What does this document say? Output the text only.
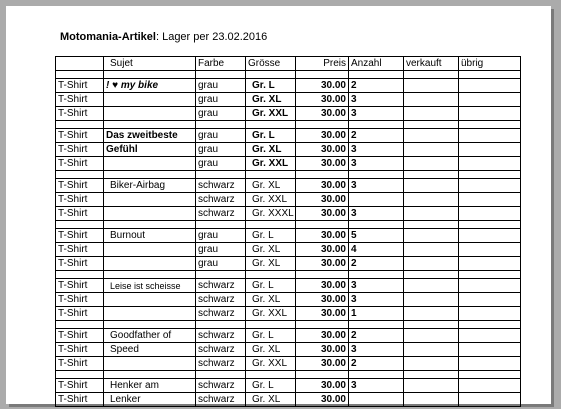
Motomania-Artikel: Lager per 23.02.2016
	Sujet	Farbe	Grösse	Preis	Anzahl	verkauft	übrig

T-Shirt	! ♥ my bike	grau	Gr. L	30.00	2		
T-Shirt		grau	Gr. XL	30.00	3		
T-Shirt		grau	Gr. XXL	30.00	3		

T-Shirt	Das zweitbeste	grau	Gr. L	30.00	2		
T-Shirt	Gefühl	grau	Gr. XL	30.00	3		
T-Shirt		grau	Gr. XXL	30.00	3		

T-Shirt	Biker-Airbag	schwarz	Gr. XL	30.00	3		
T-Shirt		schwarz	Gr. XXL	30.00			
T-Shirt		schwarz	Gr. XXXL	30.00	3		

T-Shirt	Burnout	grau	Gr. L	30.00	5		
T-Shirt		grau	Gr. XL	30.00	4		
T-Shirt		grau	Gr. XL	30.00	2		

T-Shirt	Leise ist scheisse	schwarz	Gr. L	30.00	3		
T-Shirt		schwarz	Gr. XL	30.00	3		
T-Shirt		schwarz	Gr. XXL	30.00	1		

T-Shirt	Goodfather of	schwarz	Gr. L	30.00	2		
T-Shirt	Speed	schwarz	Gr. XL	30.00	3		
T-Shirt		schwarz	Gr. XXL	30.00	2		

T-Shirt	Henker am	schwarz	Gr. L	30.00	3		
T-Shirt	Lenker	schwarz	Gr. XL	30.00			
